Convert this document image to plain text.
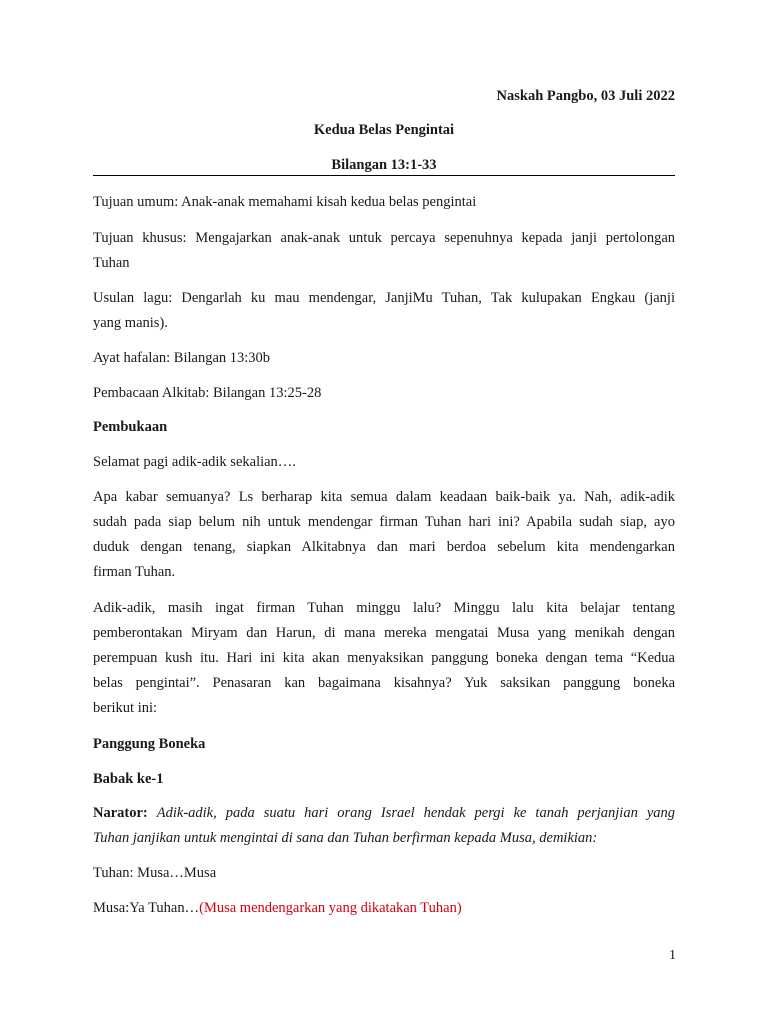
Naskah Pangbo, 03 Juli 2022
Kedua Belas Pengintai
Bilangan 13:1-33
Tujuan umum: Anak-anak memahami kisah kedua belas pengintai
Tujuan khusus: Mengajarkan anak-anak untuk percaya sepenuhnya kepada janji pertolongan
Tuhan
Usulan lagu: Dengarlah ku mau mendengar, JanjiMu Tuhan, Tak kulupakan Engkau (janji
yang manis).
Ayat hafalan: Bilangan 13:30b
Pembacaan Alkitab: Bilangan 13:25-28
Pembukaan
Selamat pagi adik-adik sekalian….
Apa kabar semuanya? Ls berharap kita semua dalam keadaan baik-baik ya. Nah, adik-adik
sudah pada siap belum nih untuk mendengar firman Tuhan hari ini? Apabila sudah siap, ayo
duduk dengan tenang, siapkan Alkitabnya dan mari berdoa sebelum kita mendengarkan
firman Tuhan.
Adik-adik, masih ingat firman Tuhan minggu lalu? Minggu lalu kita belajar tentang
pemberontakan Miryam dan Harun, di mana mereka mengatai Musa yang menikah dengan
perempuan kush itu. Hari ini kita akan menyaksikan panggung boneka dengan tema “Kedua
belas pengintai”. Penasaran kan bagaimana kisahnya? Yuk saksikan panggung boneka
berikut ini:
Panggung Boneka
Babak ke-1
Narator: Adik-adik, pada suatu hari orang Israel hendak pergi ke tanah perjanjian yang
Tuhan janjikan untuk mengintai di sana dan Tuhan berfirman kepada Musa, demikian:
Tuhan: Musa…Musa
Musa:Ya Tuhan…(Musa mendengarkan yang dikatakan Tuhan)
1
